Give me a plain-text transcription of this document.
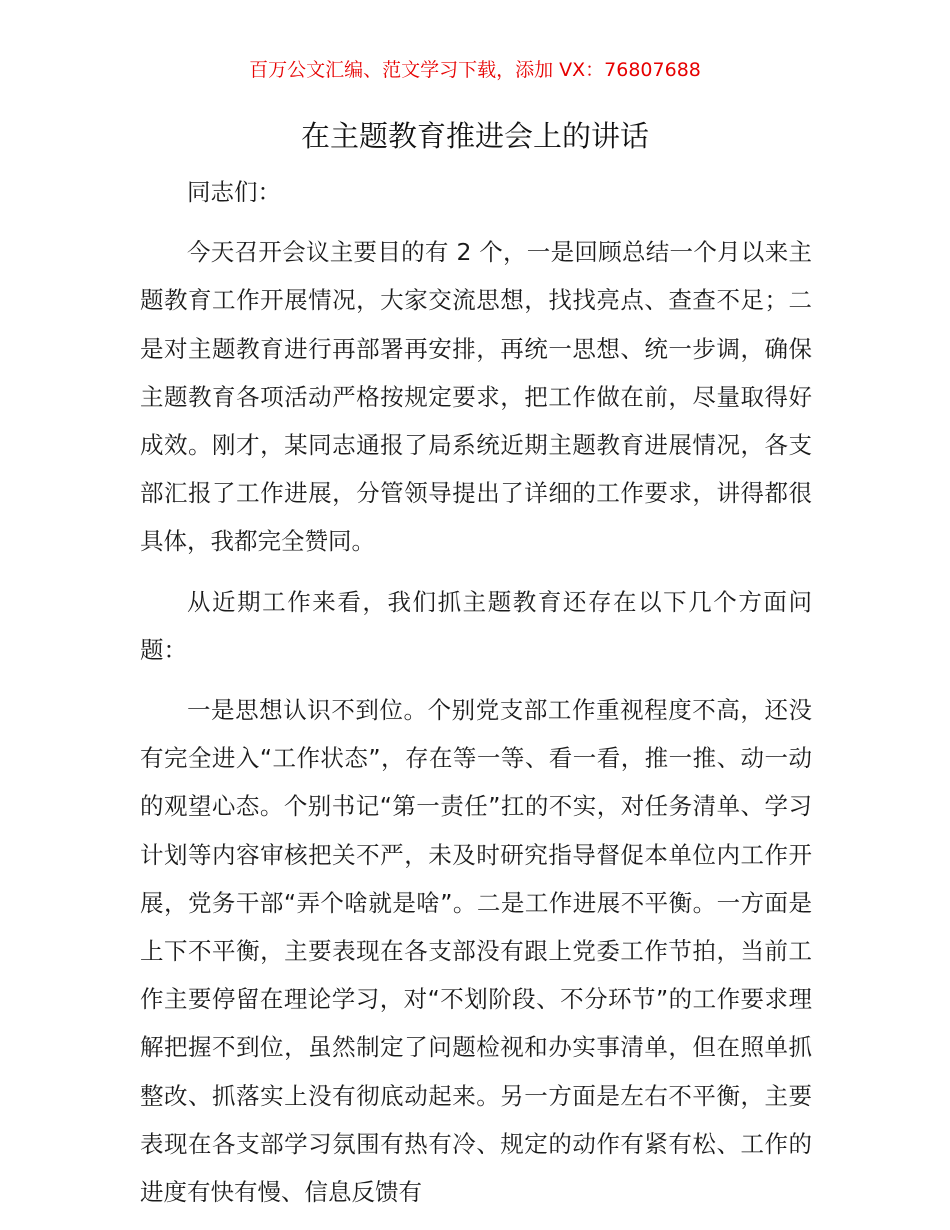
百万公文汇编、范文学习下载，添加 VX：76807688
在主题教育推进会上的讲话

同志们：

今天召开会议主要目的有 2 个，一是回顾总结一个月以来主题教育工作开展情况，大家交流思想，找找亮点、查查不足；二是对主题教育进行再部署再安排，再统一思想、统一步调，确保主题教育各项活动严格按规定要求，把工作做在前，尽量取得好成效。刚才，某同志通报了局系统近期主题教育进展情况，各支部汇报了工作进展，分管领导提出了详细的工作要求，讲得都很具体，我都完全赞同。

从近期工作来看，我们抓主题教育还存在以下几个方面问题：

一是思想认识不到位。个别党支部工作重视程度不高，还没有完全进入“工作状态”，存在等一等、看一看，推一推、动一动的观望心态。个别书记“第一责任”扛的不实，对任务清单、学习计划等内容审核把关不严，未及时研究指导督促本单位内工作开展，党务干部“弄个啥就是啥”。二是工作进展不平衡。一方面是上下不平衡，主要表现在各支部没有跟上党委工作节拍，当前工作主要停留在理论学习，对“不划阶段、不分环节”的工作要求理解把握不到位，虽然制定了问题检视和办实事清单，但在照单抓整改、抓落实上没有彻底动起来。另一方面是左右不平衡，主要表现在各支部学习氛围有热有冷、规定的动作有紧有松、工作的进度有快有慢、信息反馈有
